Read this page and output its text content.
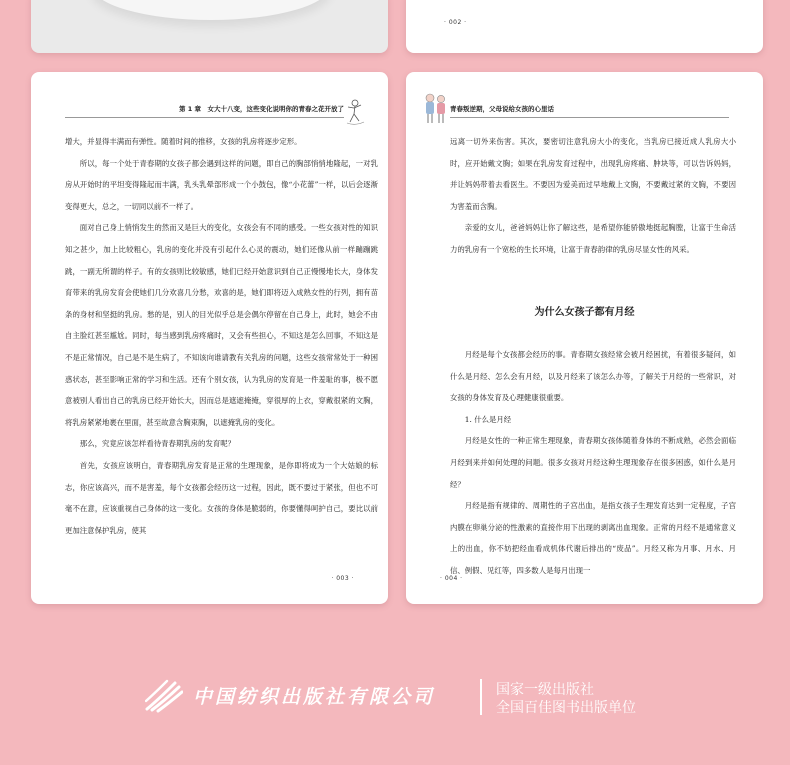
· 002 ·
第 1 章　女大十八变，这些变化说明你的青春之花开放了

增大，并显得丰满而有弹性。随着时间的推移，女孩的乳房将逐步定形。

所以，每一个处于青春期的女孩子都会遇到这样的问题，即自己的胸部悄悄地隆起，一对乳房从开始时的平坦变得隆起而丰满，乳头乳晕部形成一个小鼓包，像“小花蕾”一样，以后会逐渐变得更大，总之，一切同以前不一样了。

面对自己身上悄悄发生的然而又是巨大的变化，女孩会有不同的感受。一些女孩对性的知识知之甚少，加上比较粗心，乳房的变化并没有引起什么心灵的震动，她们还像从前一样蹦蹦跳跳，一副无所谓的样子。有的女孩则比较敏感，她们已经开始意识到自己正慢慢地长大，身体发育带来的乳房发育会使她们几分欢喜几分愁，欢喜的是，她们即将迈入成熟女性的行列，拥有苗条的身材和坚挺的乳房。愁的是，别人的目光似乎总是会偶尔停留在自己身上，此时，她会不由自主脸红甚至尴尬。同时，每当感到乳房疼痛时，又会有些担心，不知这是怎么回事，不知这是不是正常情况，自己是不是生病了，不知该向谁请教有关乳房的问题，这些女孩常常处于一种困惑状态，甚至影响正常的学习和生活。还有个别女孩，认为乳房的发育是一件羞耻的事，极不愿意被别人看出自己的乳房已经开始长大，因而总是遮遮掩掩，穿很厚的上衣，穿戴很紧的文胸，将乳房紧紧地裹在里面，甚至故意含胸束胸，以遮掩乳房的变化。

那么，究竟应该怎样看待青春期乳房的发育呢？

首先，女孩应该明白，青春期乳房发育是正常的生理现象，是你即将成为一个大姑娘的标志，你应该高兴，而不是害羞，每个女孩都会经历这一过程，因此，既不要过于紧张，但也不可毫不在意，应该重视自己身体的这一变化。女孩的身体是脆弱的，你要懂得呵护自己，要比以前更加注意保护乳房，使其

· 003 ·
青春叛逆期，父母说给女孩的心里话

远离一切外来伤害。其次，要密切注意乳房大小的变化，当乳房已接近成人乳房大小时，应开始戴文胸；如果在乳房发育过程中，出现乳房疼痛、肿块等，可以告诉妈妈，并让妈妈带着去看医生。不要因为爱美而过早地戴上文胸，不要戴过紧的文胸，不要因为害羞而含胸。

亲爱的女儿，爸爸妈妈让你了解这些，是希望你能骄傲地挺起胸膛，让富于生命活力的乳房有一个宽松的生长环境，让富于青春韵律的乳房尽显女性的风采。

为什么女孩子都有月经

月经是每个女孩都会经历的事。青春期女孩经常会被月经困扰，有着很多疑问，如什么是月经、怎么会有月经，以及月经来了该怎么办等，了解关于月经的一些常识，对女孩的身体发育及心理健康很重要。

1. 什么是月经

月经是女性的一种正常生理现象，青春期女孩体随着身体的不断成熟，必然会面临月经到来并如何处理的问题。很多女孩对月经这种生理现象存在很多困惑，如什么是月经？

月经是指有规律的、周期性的子宫出血，是指女孩子生理发育达到一定程度，子宫内膜在卵巢分泌的性激素的直接作用下出现的剥离出血现象。正常的月经不是通常意义上的出血，你不妨把经血看成机体代谢后排出的“废品”。月经又称为月事、月水、月信、例假、见红等，四多数人是每月出现一

· 004 ·
中国纺织出版社有限公司	国家一级出版社
全国百佳图书出版单位
